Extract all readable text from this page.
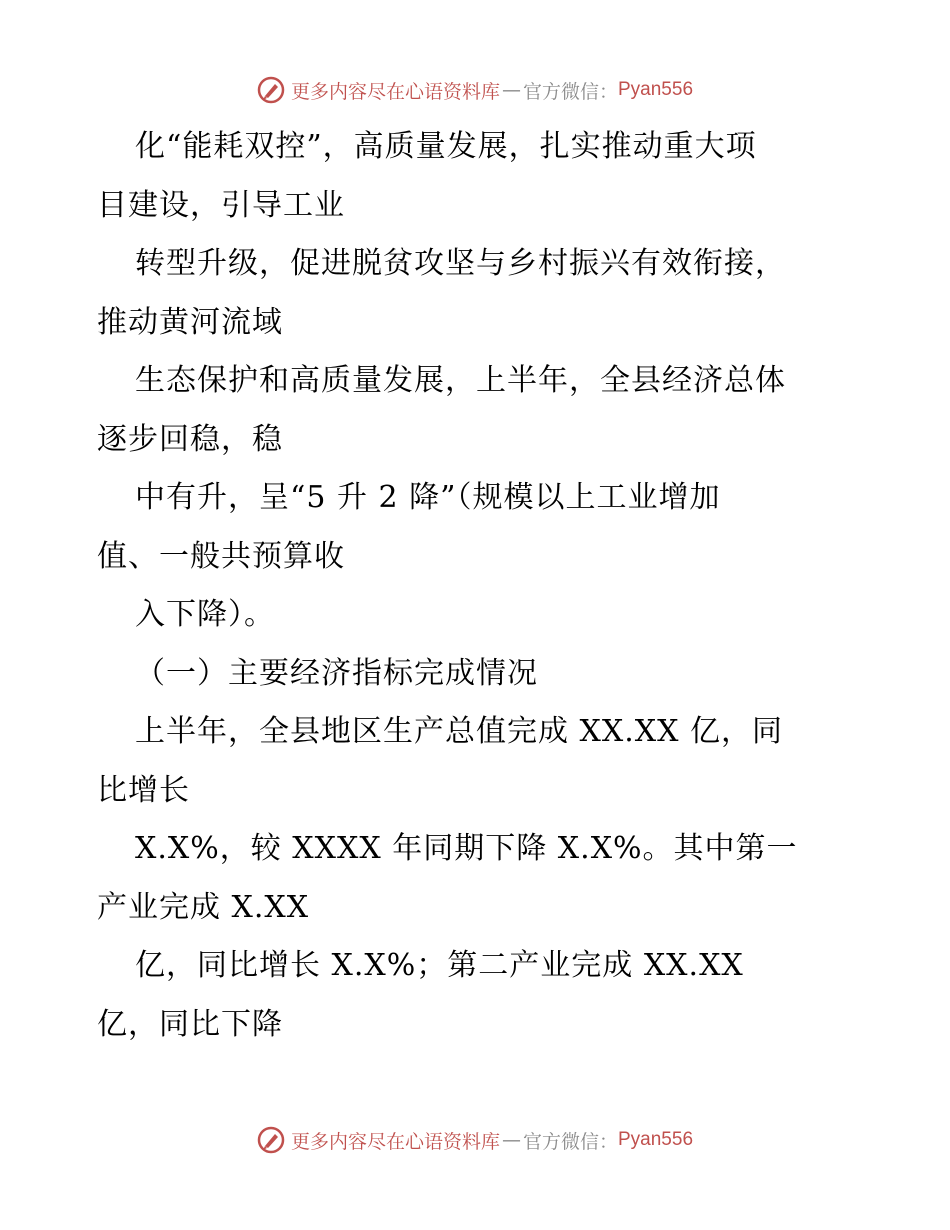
更多内容尽在心语资料库 — 官方微信： Pyan556
化“能耗双控”，高质量发展，扎实推动重大项
目建设，引导工业
转型升级，促进脱贫攻坚与乡村振兴有效衔接，
推动黄河流域
生态保护和高质量发展，上半年，全县经济总体
逐步回稳，稳
中有升，呈“5 升 2 降”（规模以上工业增加
值、一般共预算收
入下降）。
（一）主要经济指标完成情况
上半年，全县地区生产总值完成 XX.XX 亿，同
比增长
X.X%，较 XXXX 年同期下降 X.X%。其中第一
产业完成 X.XX
亿，同比增长 X.X%；第二产业完成 XX.XX
亿，同比下降
更多内容尽在心语资料库 — 官方微信： Pyan556
